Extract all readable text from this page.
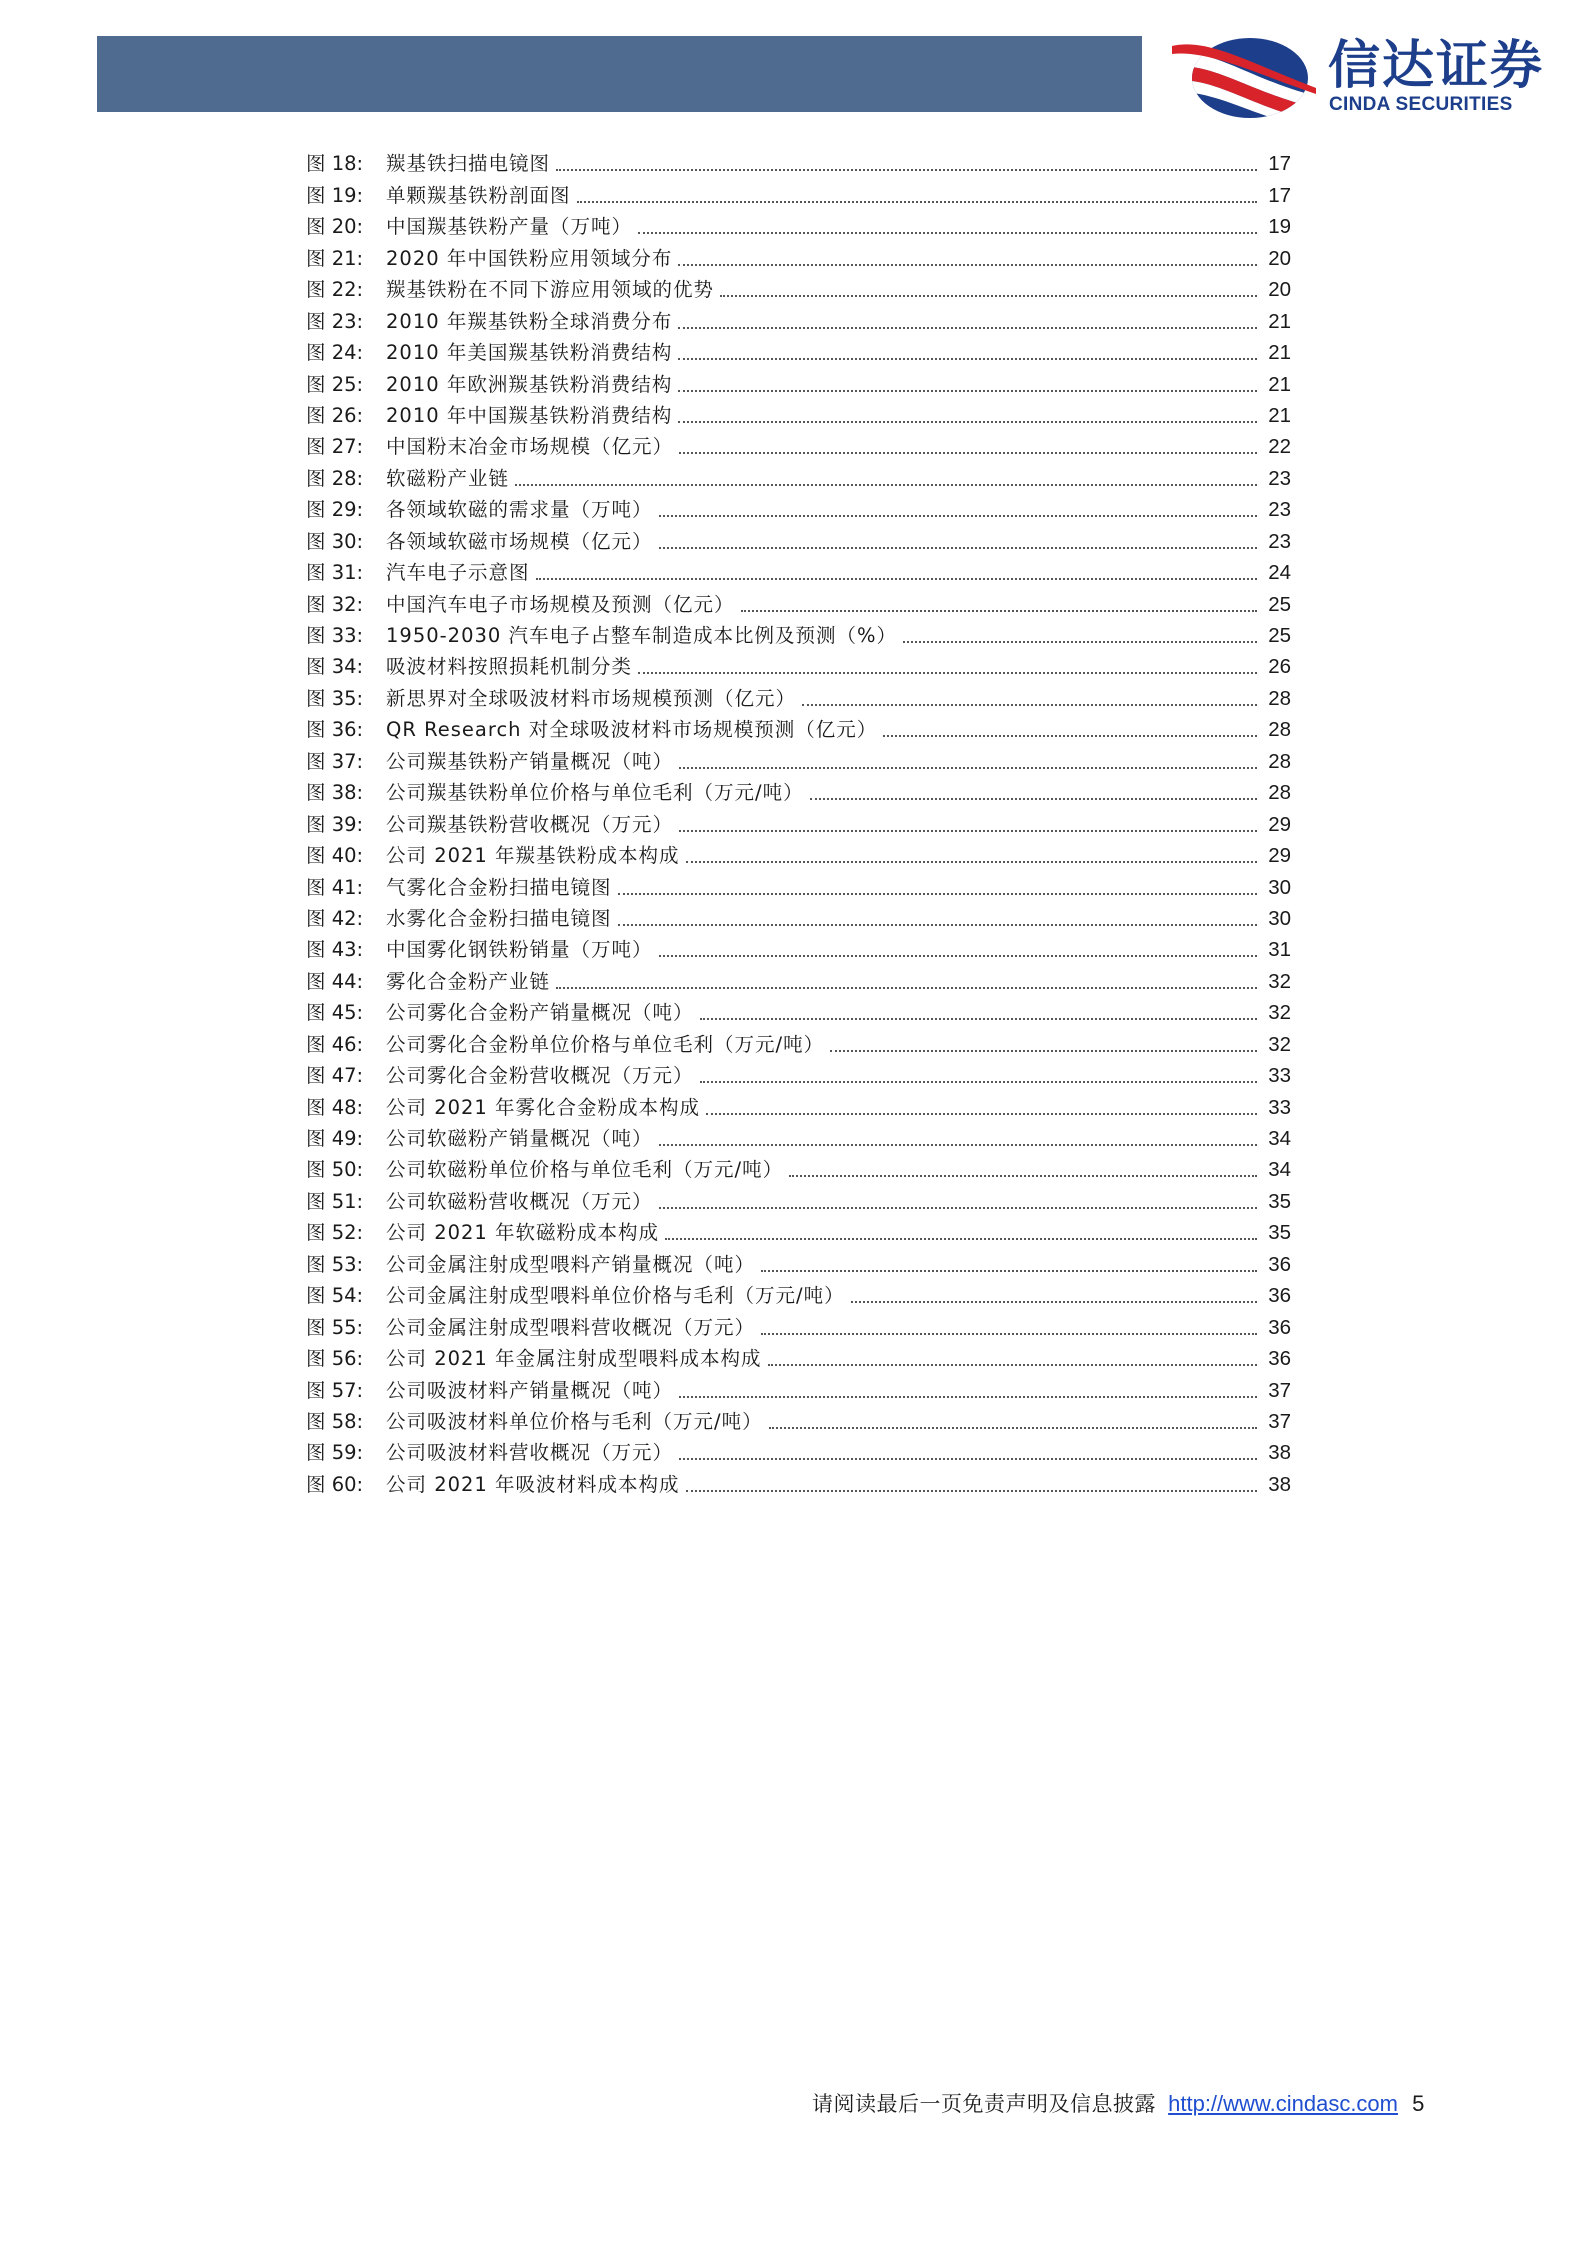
信达证券
CINDA SECURITIES
图 18:	羰基铁扫描电镜图	17
图 19:	单颗羰基铁粉剖面图	17
图 20:	中国羰基铁粉产量（万吨）	19
图 21:	2020 年中国铁粉应用领域分布	20
图 22:	羰基铁粉在不同下游应用领域的优势	20
图 23:	2010 年羰基铁粉全球消费分布	21
图 24:	2010 年美国羰基铁粉消费结构	21
图 25:	2010 年欧洲羰基铁粉消费结构	21
图 26:	2010 年中国羰基铁粉消费结构	21
图 27:	中国粉末冶金市场规模（亿元）	22
图 28:	软磁粉产业链	23
图 29:	各领域软磁的需求量（万吨）	23
图 30:	各领域软磁市场规模（亿元）	23
图 31:	汽车电子示意图	24
图 32:	中国汽车电子市场规模及预测（亿元）	25
图 33:	1950-2030 汽车电子占整车制造成本比例及预测（%）	25
图 34:	吸波材料按照损耗机制分类	26
图 35:	新思界对全球吸波材料市场规模预测（亿元）	28
图 36:	QR Research 对全球吸波材料市场规模预测（亿元）	28
图 37:	公司羰基铁粉产销量概况（吨）	28
图 38:	公司羰基铁粉单位价格与单位毛利（万元/吨）	28
图 39:	公司羰基铁粉营收概况（万元）	29
图 40:	公司 2021 年羰基铁粉成本构成	29
图 41:	气雾化合金粉扫描电镜图	30
图 42:	水雾化合金粉扫描电镜图	30
图 43:	中国雾化钢铁粉销量（万吨）	31
图 44:	雾化合金粉产业链	32
图 45:	公司雾化合金粉产销量概况（吨）	32
图 46:	公司雾化合金粉单位价格与单位毛利（万元/吨）	32
图 47:	公司雾化合金粉营收概况（万元）	33
图 48:	公司 2021 年雾化合金粉成本构成	33
图 49:	公司软磁粉产销量概况（吨）	34
图 50:	公司软磁粉单位价格与单位毛利（万元/吨）	34
图 51:	公司软磁粉营收概况（万元）	35
图 52:	公司 2021 年软磁粉成本构成	35
图 53:	公司金属注射成型喂料产销量概况（吨）	36
图 54:	公司金属注射成型喂料单位价格与毛利（万元/吨）	36
图 55:	公司金属注射成型喂料营收概况（万元）	36
图 56:	公司 2021 年金属注射成型喂料成本构成	36
图 57:	公司吸波材料产销量概况（吨）	37
图 58:	公司吸波材料单位价格与毛利（万元/吨）	37
图 59:	公司吸波材料营收概况（万元）	38
图 60:	公司 2021 年吸波材料成本构成	38
请阅读最后一页免责声明及信息披露 http://www.cindasc.com 5
